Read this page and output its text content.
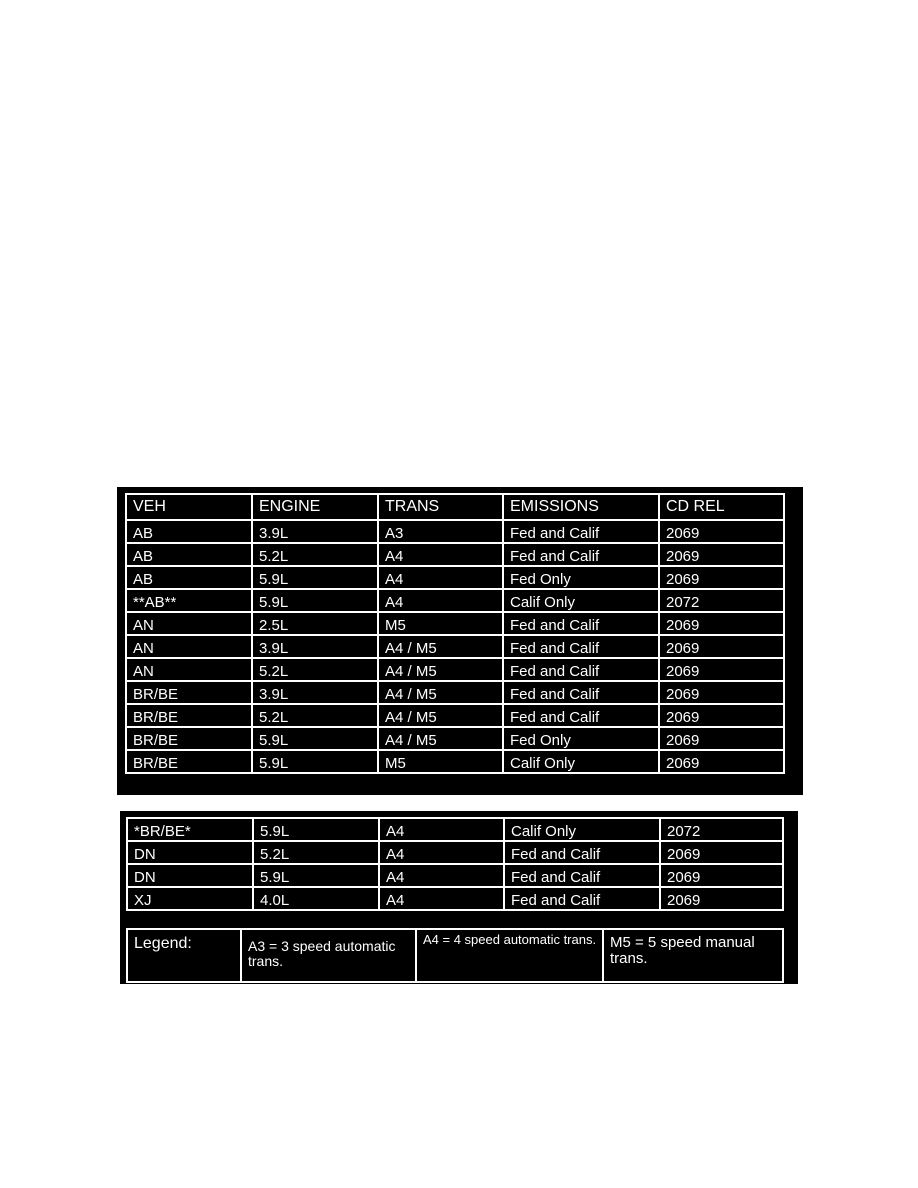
VEH	ENGINE	TRANS	EMISSIONS	CD REL
AB	3.9L	A3	Fed and Calif	2069
AB	5.2L	A4	Fed and Calif	2069
AB	5.9L	A4	Fed Only	2069
**AB**	5.9L	A4	Calif Only	2072
AN	2.5L	M5	Fed and Calif	2069
AN	3.9L	A4 / M5	Fed and Calif	2069
AN	5.2L	A4 / M5	Fed and Calif	2069
BR/BE	3.9L	A4 / M5	Fed and Calif	2069
BR/BE	5.2L	A4 / M5	Fed and Calif	2069
BR/BE	5.9L	A4 / M5	Fed Only	2069
BR/BE	5.9L	M5	Calif Only	2069
*BR/BE*	5.9L	A4	Calif Only	2072
DN	5.2L	A4	Fed and Calif	2069
DN	5.9L	A4	Fed and Calif	2069
XJ	4.0L	A4	Fed and Calif	2069
Legend:	A3 = 3 speed automatic trans.	A4 = 4 speed automatic trans.	M5 = 5 speed manual trans.
